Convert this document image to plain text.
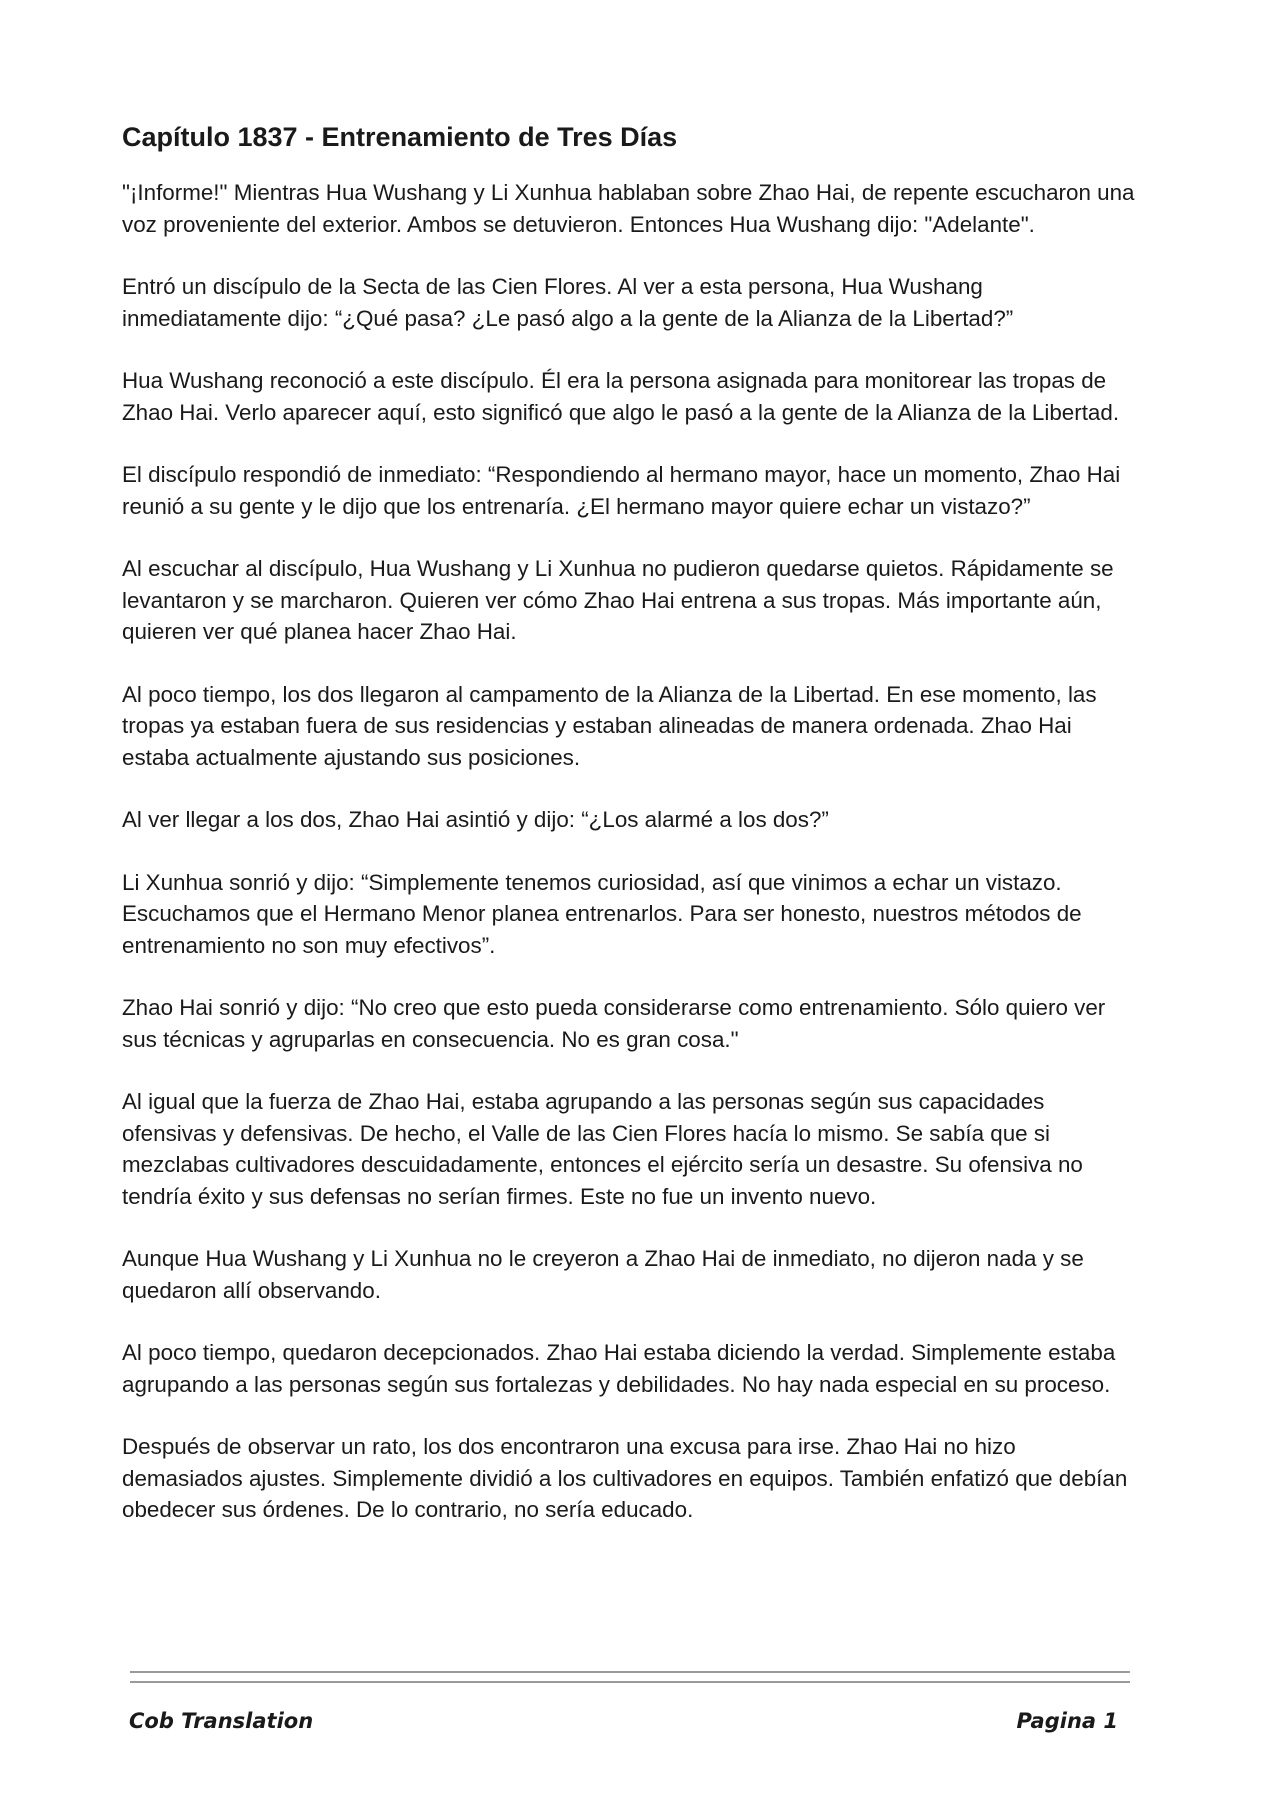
Capítulo 1837 - Entrenamiento de Tres Días

"¡Informe!" Mientras Hua Wushang y Li Xunhua hablaban sobre Zhao Hai, de repente escucharon una voz proveniente del exterior. Ambos se detuvieron. Entonces Hua Wushang dijo: "Adelante".

Entró un discípulo de la Secta de las Cien Flores. Al ver a esta persona, Hua Wushang inmediatamente dijo: “¿Qué pasa? ¿Le pasó algo a la gente de la Alianza de la Libertad?”

Hua Wushang reconoció a este discípulo. Él era la persona asignada para monitorear las tropas de Zhao Hai. Verlo aparecer aquí, esto significó que algo le pasó a la gente de la Alianza de la Libertad.

El discípulo respondió de inmediato: “Respondiendo al hermano mayor, hace un momento, Zhao Hai reunió a su gente y le dijo que los entrenaría. ¿El hermano mayor quiere echar un vistazo?”

Al escuchar al discípulo, Hua Wushang y Li Xunhua no pudieron quedarse quietos. Rápidamente se levantaron y se marcharon. Quieren ver cómo Zhao Hai entrena a sus tropas. Más importante aún, quieren ver qué planea hacer Zhao Hai.

Al poco tiempo, los dos llegaron al campamento de la Alianza de la Libertad. En ese momento, las tropas ya estaban fuera de sus residencias y estaban alineadas de manera ordenada. Zhao Hai estaba actualmente ajustando sus posiciones.

Al ver llegar a los dos, Zhao Hai asintió y dijo: “¿Los alarmé a los dos?”

Li Xunhua sonrió y dijo: “Simplemente tenemos curiosidad, así que vinimos a echar un vistazo. Escuchamos que el Hermano Menor planea entrenarlos. Para ser honesto, nuestros métodos de entrenamiento no son muy efectivos”.

Zhao Hai sonrió y dijo: “No creo que esto pueda considerarse como entrenamiento. Sólo quiero ver sus técnicas y agruparlas en consecuencia. No es gran cosa."

Al igual que la fuerza de Zhao Hai, estaba agrupando a las personas según sus capacidades ofensivas y defensivas. De hecho, el Valle de las Cien Flores hacía lo mismo. Se sabía que si mezclabas cultivadores descuidadamente, entonces el ejército sería un desastre. Su ofensiva no tendría éxito y sus defensas no serían firmes. Este no fue un invento nuevo.

Aunque Hua Wushang y Li Xunhua no le creyeron a Zhao Hai de inmediato, no dijeron nada y se quedaron allí observando.

Al poco tiempo, quedaron decepcionados. Zhao Hai estaba diciendo la verdad. Simplemente estaba agrupando a las personas según sus fortalezas y debilidades. No hay nada especial en su proceso.

Después de observar un rato, los dos encontraron una excusa para irse. Zhao Hai no hizo demasiados ajustes. Simplemente dividió a los cultivadores en equipos. También enfatizó que debían obedecer sus órdenes. De lo contrario, no sería educado.

Cob Translation	Pagina 1
